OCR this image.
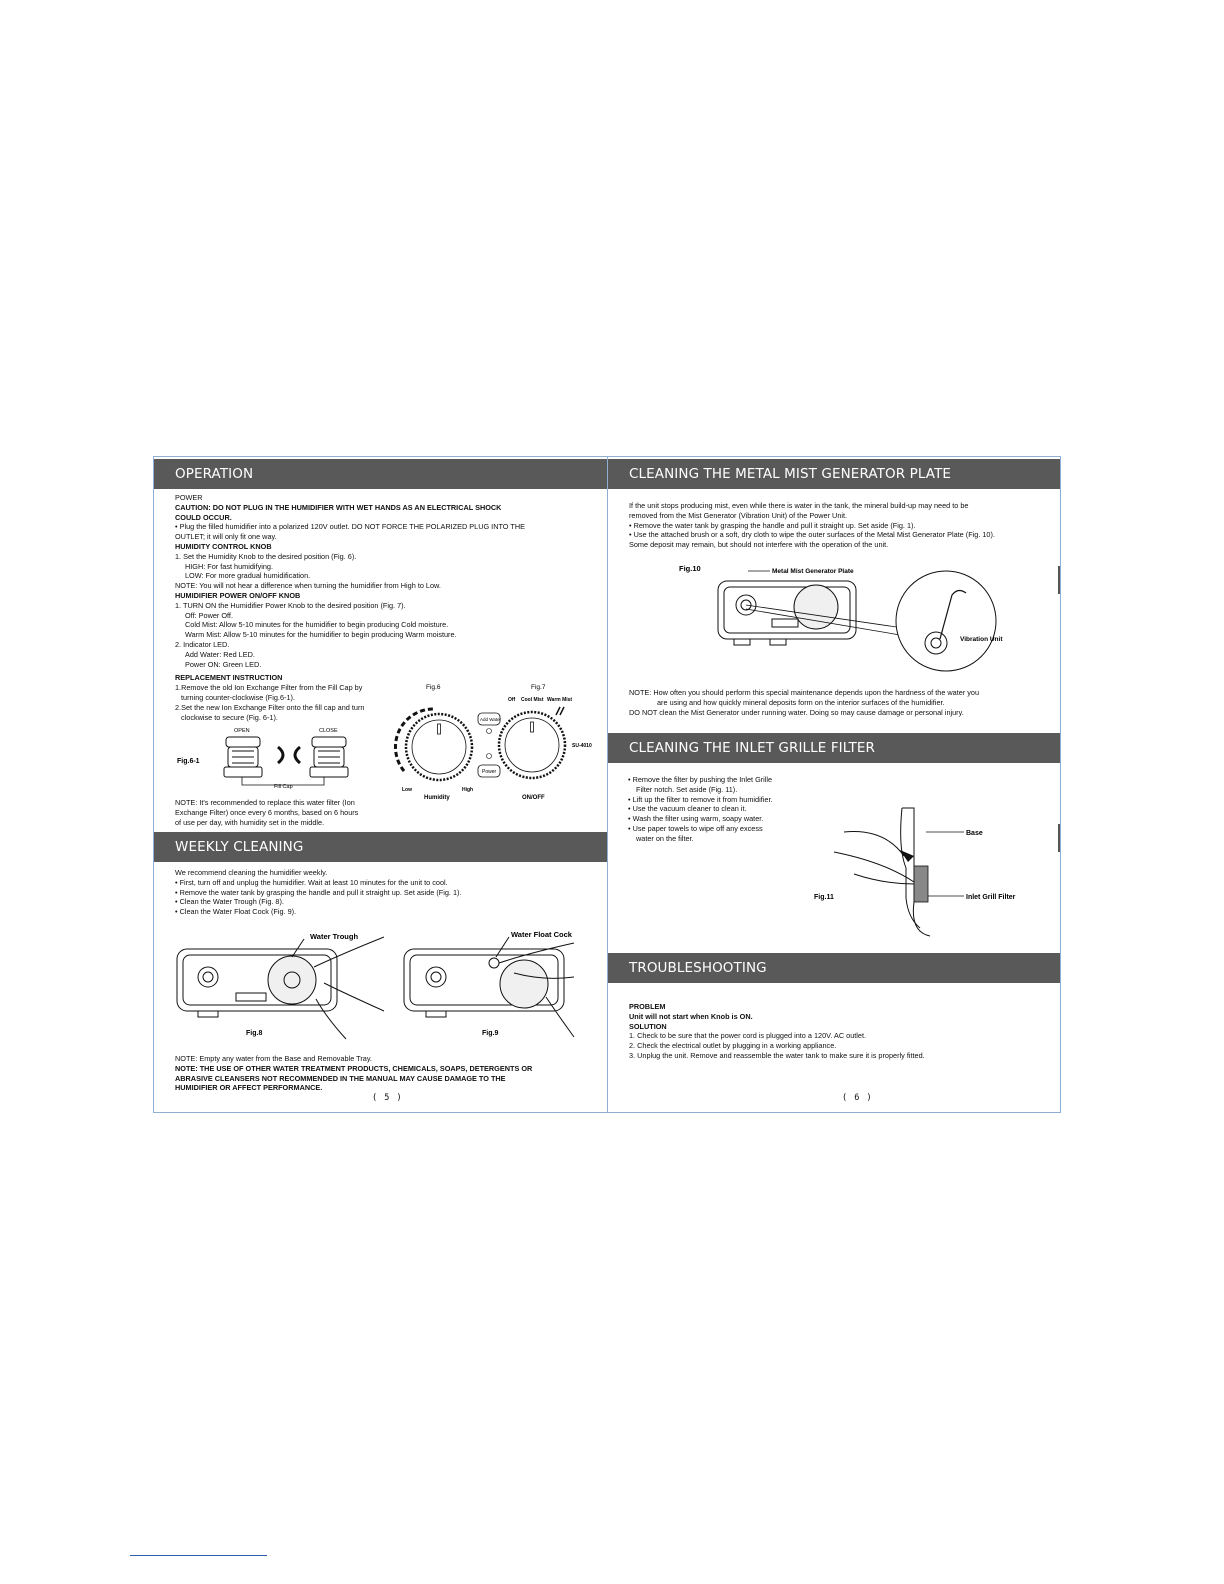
OPERATION
POWER
CAUTION: DO NOT PLUG IN THE HUMIDIFIER WITH WET HANDS AS AN ELECTRICAL SHOCK
COULD OCCUR.
• Plug the filled humidifier into a polarized 120V outlet. DO NOT FORCE THE POLARIZED PLUG INTO THE
OUTLET; it will only fit one way.
HUMIDITY CONTROL KNOB
1. Set the Humidity Knob to the desired position (Fig. 6).
HIGH: For fast humidifying.
LOW: For more gradual humidification.
NOTE: You will not hear a difference when turning the humidifier from High to Low.
HUMIDIFIER POWER ON/OFF KNOB
1. TURN ON the Humidifier Power Knob to the desired position (Fig. 7).
Off: Power Off.
Cold Mist: Allow 5-10 minutes for the humidifier to begin producing Cold moisture.
Warm Mist: Allow 5-10 minutes for the humidifier to begin producing Warm moisture.
2. Indicator LED.
Add Water: Red LED.
Power ON: Green LED.
REPLACEMENT INSTRUCTION
1.Remove the old Ion Exchange Filter from the Fill Cap by
turning counter-clockwise (Fig.6-1).
2.Set the new Ion Exchange Filter onto the fill cap and turn
clockwise to secure (Fig. 6-1).
Fig.6-1
OPEN	CLOSE
Fill Cap
Fig.6	Fig.7
Off Cool Mist Warm Mist
Low	High
Humidity
Add Water
Power
SU-4010
ON/OFF
NOTE: It's recommended to replace this water filter (Ion
Exchange Filter) once every 6 months, based on 6 hours
of use per day, with humidity set in the middle.
WEEKLY CLEANING
We recommend cleaning the humidifier weekly.
• First, turn off and unplug the humidifier. Wait at least 10 minutes for the unit to cool.
• Remove the water tank by grasping the handle and pull it straight up. Set aside (Fig. 1).
• Clean the Water Trough (Fig. 8).
• Clean the Water Float Cock (Fig. 9).
Water Trough	Water Float Cock
Fig.8	Fig.9
NOTE: Empty any water from the Base and Removable Tray.
NOTE: THE USE OF OTHER WATER TREATMENT PRODUCTS, CHEMICALS, SOAPS, DETERGENTS OR
ABRASIVE CLEANSERS NOT RECOMMENDED IN THE MANUAL MAY CAUSE DAMAGE TO THE
HUMIDIFIER OR AFFECT PERFORMANCE.
( 5 )
CLEANING THE METAL MIST GENERATOR PLATE
If the unit stops producing mist, even while there is water in the tank, the mineral build-up may need to be
removed from the Mist Generator (Vibration Unit) of the Power Unit.
• Remove the water tank by grasping the handle and pull it straight up. Set aside (Fig. 1).
• Use the attached brush or a soft, dry cloth to wipe the outer surfaces of the Metal Mist Generator Plate (Fig. 10).
Some deposit may remain, but should not interfere with the operation of the unit.
Fig.10	Metal Mist Generator Plate
Vibration Unit
NOTE: How often you should perform this special maintenance depends upon the hardness of the water you
are using and how quickly mineral deposits form on the interior surfaces of the humidifier.
DO NOT clean the Mist Generator under running water. Doing so may cause damage or personal injury.
CLEANING THE INLET GRILLE FILTER
• Remove the filter by pushing the Inlet Grille
Filter notch. Set aside (Fig. 11).
• Lift up the filter to remove it from humidifier.
• Use the vacuum cleaner to clean it.
• Wash the filter using warm, soapy water.
• Use paper towels to wipe off any excess
water on the filter.
Base
Inlet Grill Filter
Fig.11
TROUBLESHOOTING
PROBLEM
Unit will not start when Knob is ON.
SOLUTION
1. Check to be sure that the power cord is plugged into a 120V. AC outlet.
2. Check the electrical outlet by plugging in a working appliance.
3. Unplug the unit. Remove and reassemble the water tank to make sure it is properly fitted.
( 6 )
